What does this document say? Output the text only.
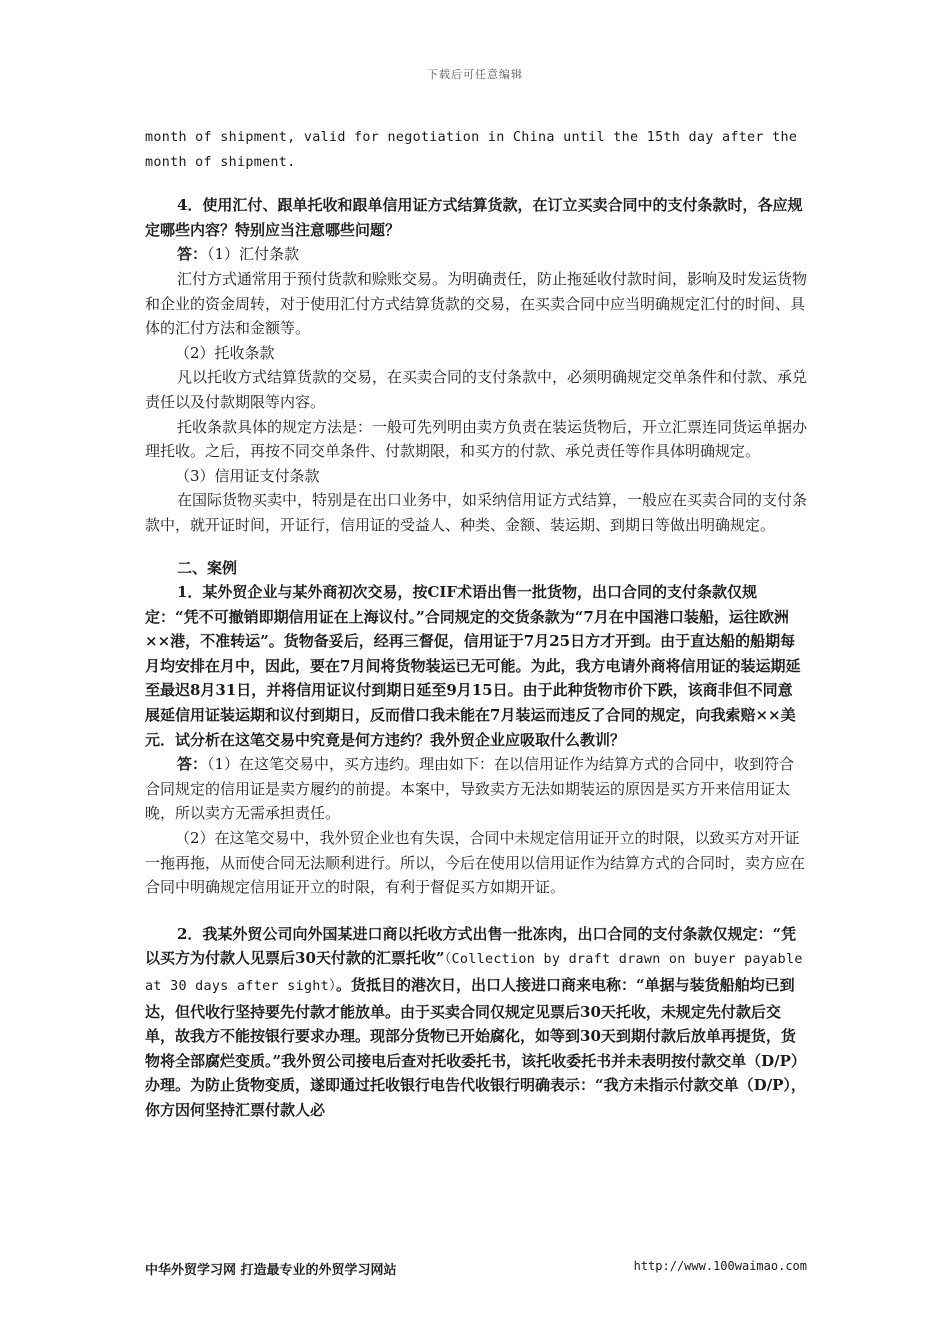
下载后可任意编辑

month of shipment, valid for negotiation in China until the 15th day after the month of shipment.

4．使用汇付、跟单托收和跟单信用证方式结算货款，在订立买卖合同中的支付条款时，各应规定哪些内容？特别应当注意哪些问题？

答：（1）汇付条款

汇付方式通常用于预付货款和赊账交易。为明确责任，防止拖延收付款时间，影响及时发运货物和企业的资金周转，对于使用汇付方式结算货款的交易，在买卖合同中应当明确规定汇付的时间、具体的汇付方法和金额等。

（2）托收条款

凡以托收方式结算货款的交易，在买卖合同的支付条款中，必须明确规定交单条件和付款、承兑责任以及付款期限等内容。

托收条款具体的规定方法是：一般可先列明由卖方负责在装运货物后，开立汇票连同货运单据办理托收。之后，再按不同交单条件、付款期限，和买方的付款、承兑责任等作具体明确规定。

（3）信用证支付条款

在国际货物买卖中，特别是在出口业务中，如采纳信用证方式结算，一般应在买卖合同的支付条款中，就开证时间，开证行，信用证的受益人、种类、金额、装运期、到期日等做出明确规定。

二、案例

1．某外贸企业与某外商初次交易，按CIF术语出售一批货物，出口合同的支付条款仅规定：“凭不可撤销即期信用证在上海议付。”合同规定的交货条款为“7月在中国港口装船，运往欧洲××港，不准转运”。货物备妥后，经再三督促，信用证于7月25日方才开到。由于直达船的船期每月均安排在月中，因此，要在7月间将货物装运已无可能。为此，我方电请外商将信用证的装运期延至最迟8月31日，并将信用证议付到期日延至9月15日。由于此种货物市价下跌，该商非但不同意展延信用证装运期和议付到期日，反而借口我未能在7月装运而违反了合同的规定，向我索赔××美元．试分析在这笔交易中究竟是何方违约？我外贸企业应吸取什么教训？

答：（1）在这笔交易中，买方违约。理由如下：在以信用证作为结算方式的合同中，收到符合合同规定的信用证是卖方履约的前提。本案中，导致卖方无法如期装运的原因是买方开来信用证太晚，所以卖方无需承担责任。

（2）在这笔交易中，我外贸企业也有失误，合同中未规定信用证开立的时限，以致买方对开证一拖再拖，从而使合同无法顺利进行。所以，今后在使用以信用证作为结算方式的合同时，卖方应在合同中明确规定信用证开立的时限，有利于督促买方如期开证。

2．我某外贸公司向外国某进口商以托收方式出售一批冻肉，出口合同的支付条款仅规定：“凭以买方为付款人见票后30天付款的汇票托收”（Collection by draft drawn on buyer payable at 30 days after sight）。货抵目的港次日，出口人接进口商来电称：“单据与装货船舶均已到达，但代收行坚持要先付款才能放单。由于买卖合同仅规定见票后30天托收，未规定先付款后交单，故我方不能按银行要求办理。现部分货物已开始腐化，如等到30天到期付款后放单再提货，货物将全部腐烂变质。”我外贸公司接电后查对托收委托书，该托收委托书并未表明按付款交单（D/P）办理。为防止货物变质，遂即通过托收银行电告代收银行明确表示：“我方未指示付款交单（D/P），你方因何坚持汇票付款人必

中华外贸学习网 打造最专业的外贸学习网站	http://www.100waimao.com
